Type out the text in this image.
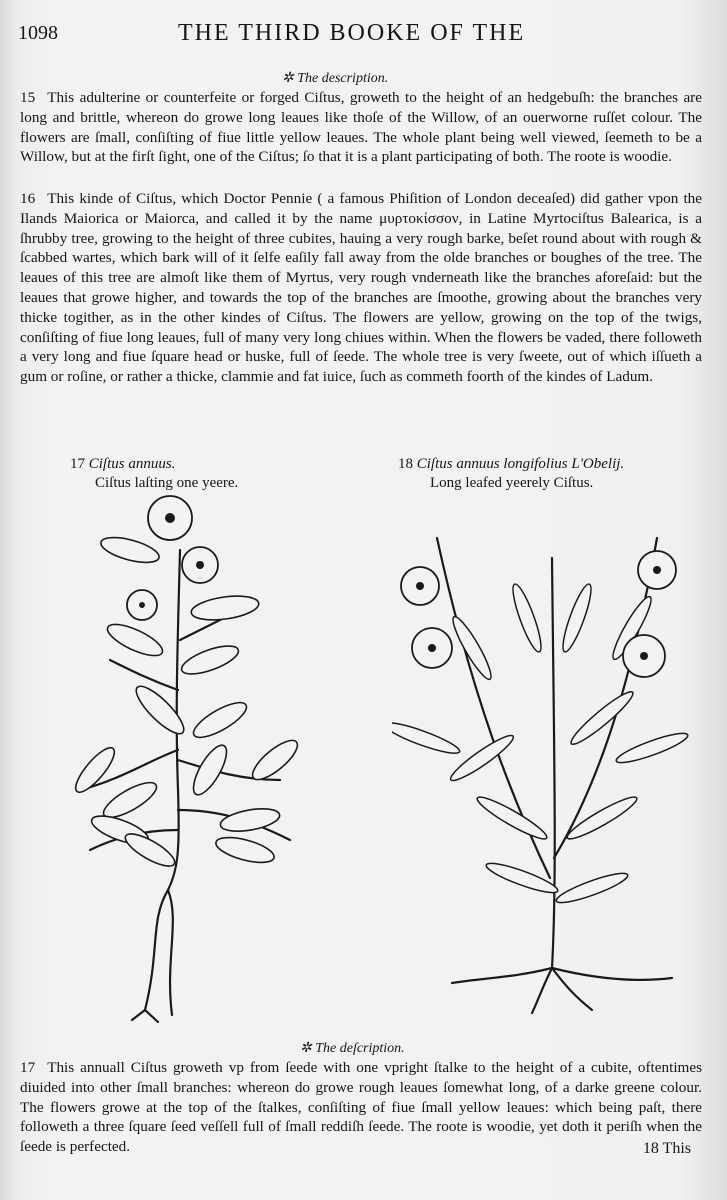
1098	THE THIRD BOOKE OF THE
✲ The description.
15 This adulterine or counterfeite or forged Ciſtus, groweth to the height of an hedgebuſh: the branches are long and brittle, whereon do growe long leaues like thoſe of the Willow, of an ouerworne ruſſet colour. The flowers are ſmall, conſiſting of fiue little yellow leaues. The whole plant being well viewed, ſeemeth to be a Willow, but at the firſt ſight, one of the Ciſtus; ſo that it is a plant participating of both. The roote is woodie.
16 This kinde of Ciſtus, which Doctor Pennie ( a famous Phiſition of London deceaſed) did gather vpon the Ilands Maiorica or Maiorca, and called it by the name μυρτοκίσσον, in Latine Myrtociſtus Balearica, is a ſhrubby tree, growing to the height of three cubites, hauing a very rough barke, beſet round about with rough & ſcabbed wartes, which bark will of it ſelfe eaſily fall away from the olde branches or boughes of the tree. The leaues of this tree are almoſt like them of Myrtus, very rough vnderneath like the branches aforeſaid: but the leaues that growe higher, and towards the top of the branches are ſmoothe, growing about the branches very thicke togither, as in the other kindes of Ciſtus. The flowers are yellow, growing on the top of the twigs, conſiſting of fiue long leaues, full of many very long chiues within. When the flowers be vaded, there followeth a very long and fiue ſquare head or huske, full of ſeede. The whole tree is very ſweete, out of which iſſueth a gum or roſine, or rather a thicke, clammie and fat iuice, ſuch as commeth foorth of the kindes of Ladum.
17 Ciſtus annuus.
Ciſtus laſting one yeere.
18 Ciſtus annuus longifolius L'Obelij.
Long leafed yeerely Ciſtus.
✲ The deſcription.
17 This annuall Ciſtus groweth vp from ſeede with one vpright ſtalke to the height of a cubite, oftentimes diuided into other ſmall branches: whereon do growe rough leaues ſomewhat long, of a darke greene colour. The flowers growe at the top of the ſtalkes, conſiſting of fiue ſmall yellow leaues: which being paſt, there followeth a three ſquare ſeed veſſell full of ſmall reddiſh ſeede. The roote is woodie, yet doth it periſh when the ſeede is perfected.	18 This
